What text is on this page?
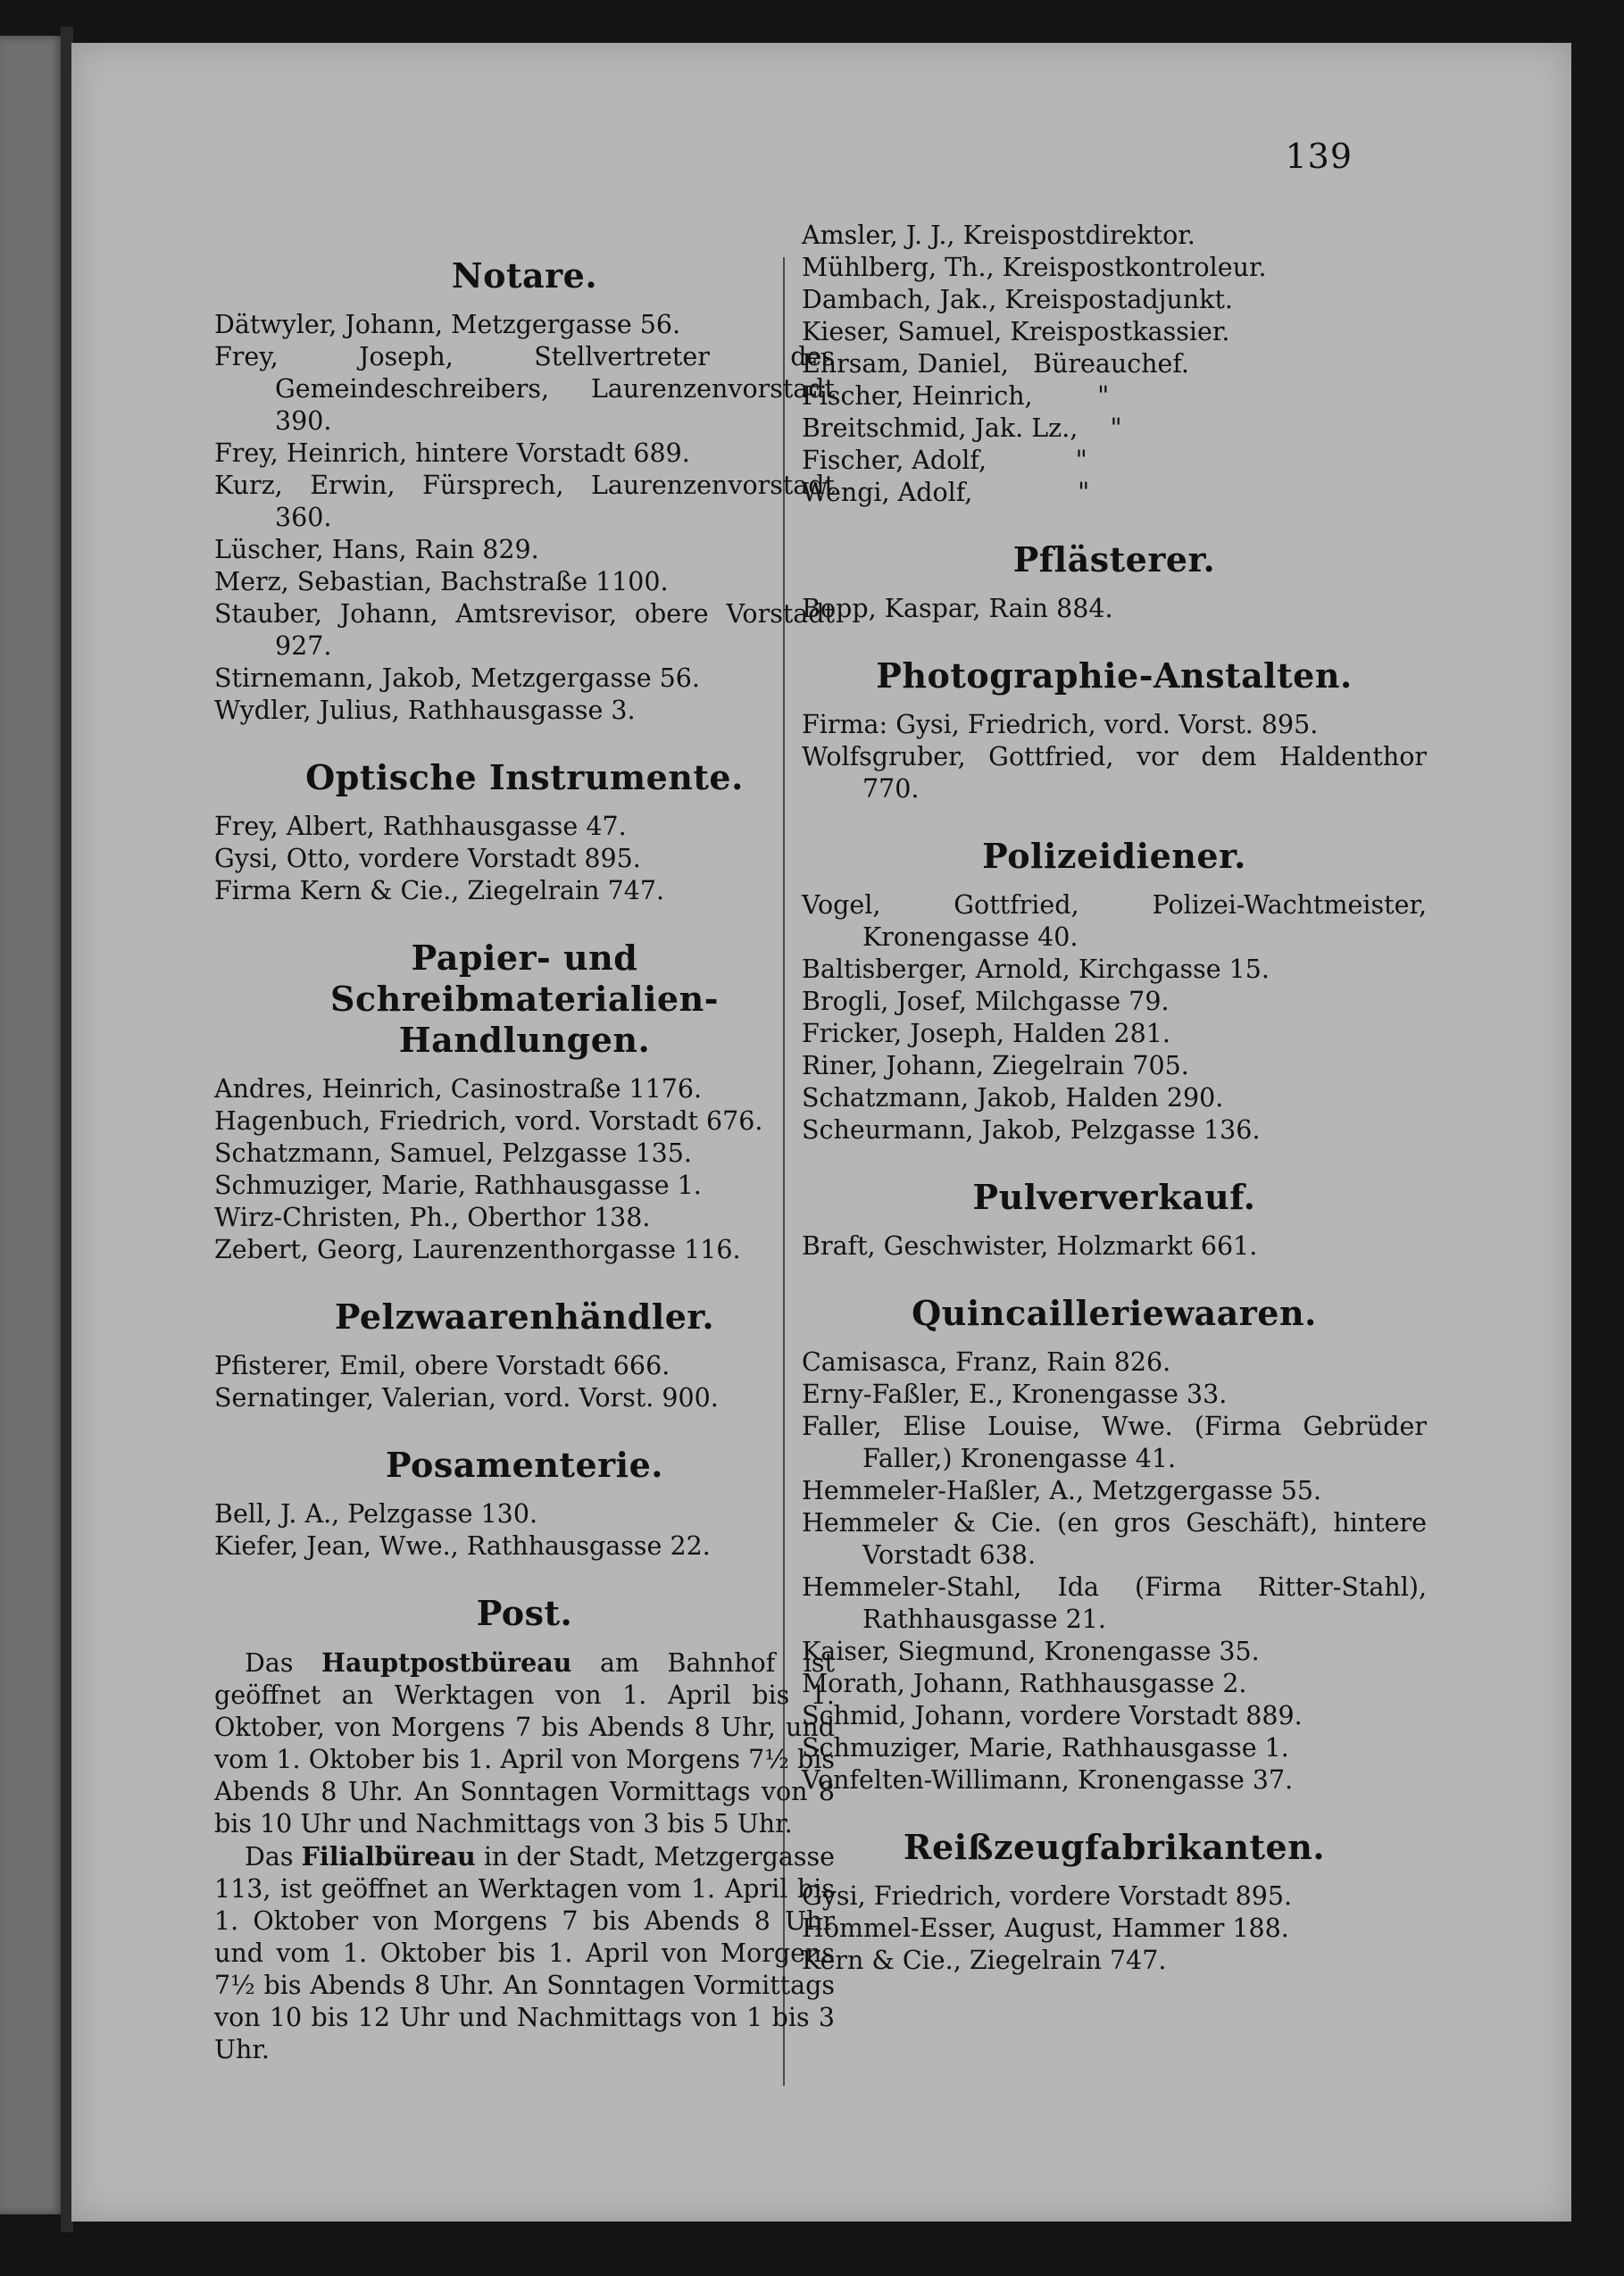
139
Notare.
Dätwyler, Johann, Metzgergasse 56.
Frey, Joseph, Stellvertreter des Gemeindeschreibers, Laurenzenvorstadt 390.
Frey, Heinrich, hintere Vorstadt 689.
Kurz, Erwin, Fürsprech, Laurenzenvorstadt 360.
Lüscher, Hans, Rain 829.
Merz, Sebastian, Bachstraße 1100.
Stauber, Johann, Amtsrevisor, obere Vorstadt 927.
Stirnemann, Jakob, Metzgergasse 56.
Wydler, Julius, Rathhausgasse 3.
Optische Instrumente.
Frey, Albert, Rathhausgasse 47.
Gysi, Otto, vordere Vorstadt 895.
Firma Kern & Cie., Ziegelrain 747.
Papier- und Schreibmaterialien-Handlungen.
Andres, Heinrich, Casinostraße 1176.
Hagenbuch, Friedrich, vord. Vorstadt 676.
Schatzmann, Samuel, Pelzgasse 135.
Schmuziger, Marie, Rathhausgasse 1.
Wirz-Christen, Ph., Oberthor 138.
Zebert, Georg, Laurenzenthorgasse 116.
Pelzwaarenhändler.
Pfisterer, Emil, obere Vorstadt 666.
Sernatinger, Valerian, vord. Vorst. 900.
Posamenterie.
Bell, J. A., Pelzgasse 130.
Kiefer, Jean, Wwe., Rathhausgasse 22.
Post.
Das Hauptpostbüreau am Bahnhof ist geöffnet an Werktagen von 1. April bis 1. Oktober, von Morgens 7 bis Abends 8 Uhr, und vom 1. Oktober bis 1. April von Morgens 7½ bis Abends 8 Uhr. An Sonntagen Vormittags von 8 bis 10 Uhr und Nachmittags von 3 bis 5 Uhr.
Das Filialbüreau in der Stadt, Metzgergasse 113, ist geöffnet an Werktagen vom 1. April bis 1. Oktober von Morgens 7 bis Abends 8 Uhr und vom 1. Oktober bis 1. April von Morgens 7½ bis Abends 8 Uhr. An Sonntagen Vormittags von 10 bis 12 Uhr und Nachmittags von 1 bis 3 Uhr.
Amsler, J. J., Kreispostdirektor.
Mühlberg, Th., Kreispostkontroleur.
Dambach, Jak., Kreispostadjunkt.
Kieser, Samuel, Kreispostkassier.
Ehrsam, Daniel,   Büreauchef.
Fischer, Heinrich,        "
Breitschmid, Jak. Lz.,    "
Fischer, Adolf,           "
Wengi, Adolf,             "
Pflästerer.
Bopp, Kaspar, Rain 884.
Photographie-Anstalten.
Firma: Gysi, Friedrich, vord. Vorst. 895.
Wolfsgruber, Gottfried, vor dem Haldenthor 770.
Polizeidiener.
Vogel, Gottfried, Polizei-Wachtmeister, Kronengasse 40.
Baltisberger, Arnold, Kirchgasse 15.
Brogli, Josef, Milchgasse 79.
Fricker, Joseph, Halden 281.
Riner, Johann, Ziegelrain 705.
Schatzmann, Jakob, Halden 290.
Scheurmann, Jakob, Pelzgasse 136.
Pulververkauf.
Braft, Geschwister, Holzmarkt 661.
Quincailleriewaaren.
Camisasca, Franz, Rain 826.
Erny-Faßler, E., Kronengasse 33.
Faller, Elise Louise, Wwe. (Firma Gebrüder Faller,) Kronengasse 41.
Hemmeler-Haßler, A., Metzgergasse 55.
Hemmeler & Cie. (en gros Geschäft), hintere Vorstadt 638.
Hemmeler-Stahl, Ida (Firma Ritter-Stahl), Rathhausgasse 21.
Kaiser, Siegmund, Kronengasse 35.
Morath, Johann, Rathhausgasse 2.
Schmid, Johann, vordere Vorstadt 889.
Schmuziger, Marie, Rathhausgasse 1.
Vonfelten-Willimann, Kronengasse 37.
Reißzeugfabrikanten.
Gysi, Friedrich, vordere Vorstadt 895.
Hommel-Esser, August, Hammer 188.
Kern & Cie., Ziegelrain 747.
